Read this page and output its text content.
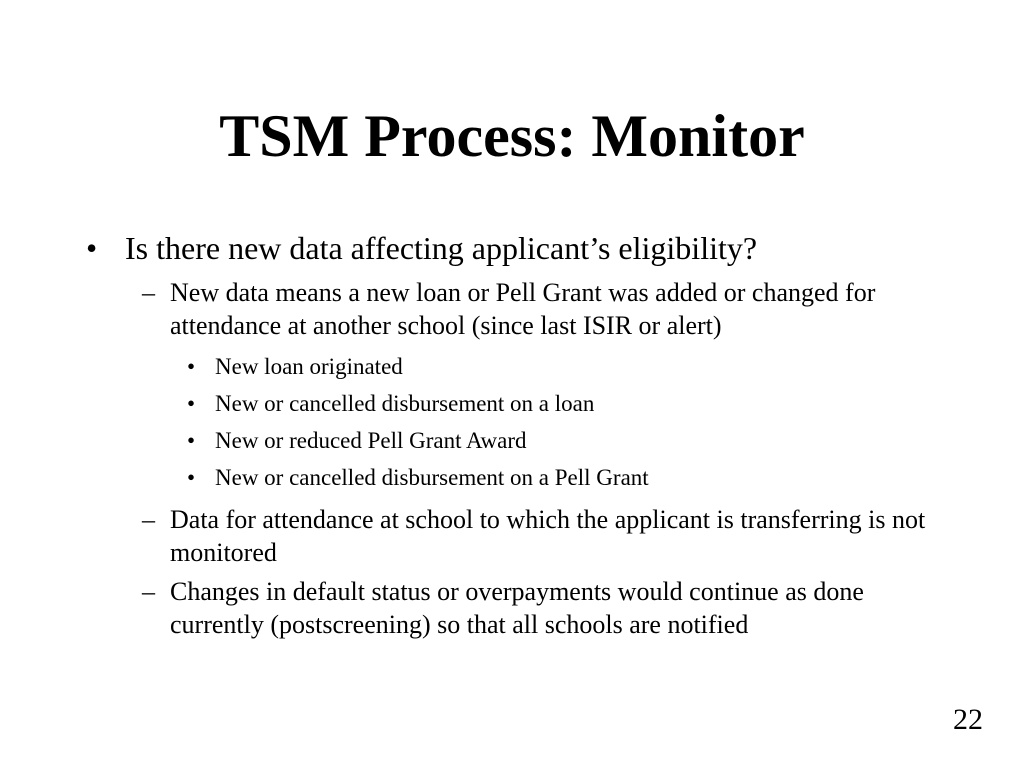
TSM Process: Monitor
• Is there new data affecting applicant’s eligibility?
– New data means a new loan or Pell Grant was added or changed for attendance at another school (since last ISIR or alert)
• New loan originated
• New or cancelled disbursement on a loan
• New or reduced Pell Grant Award
• New or cancelled disbursement on a Pell Grant
– Data for attendance at school to which the applicant is transferring is not monitored
– Changes in default status or overpayments would continue as done currently (postscreening) so that all schools are notified
22
